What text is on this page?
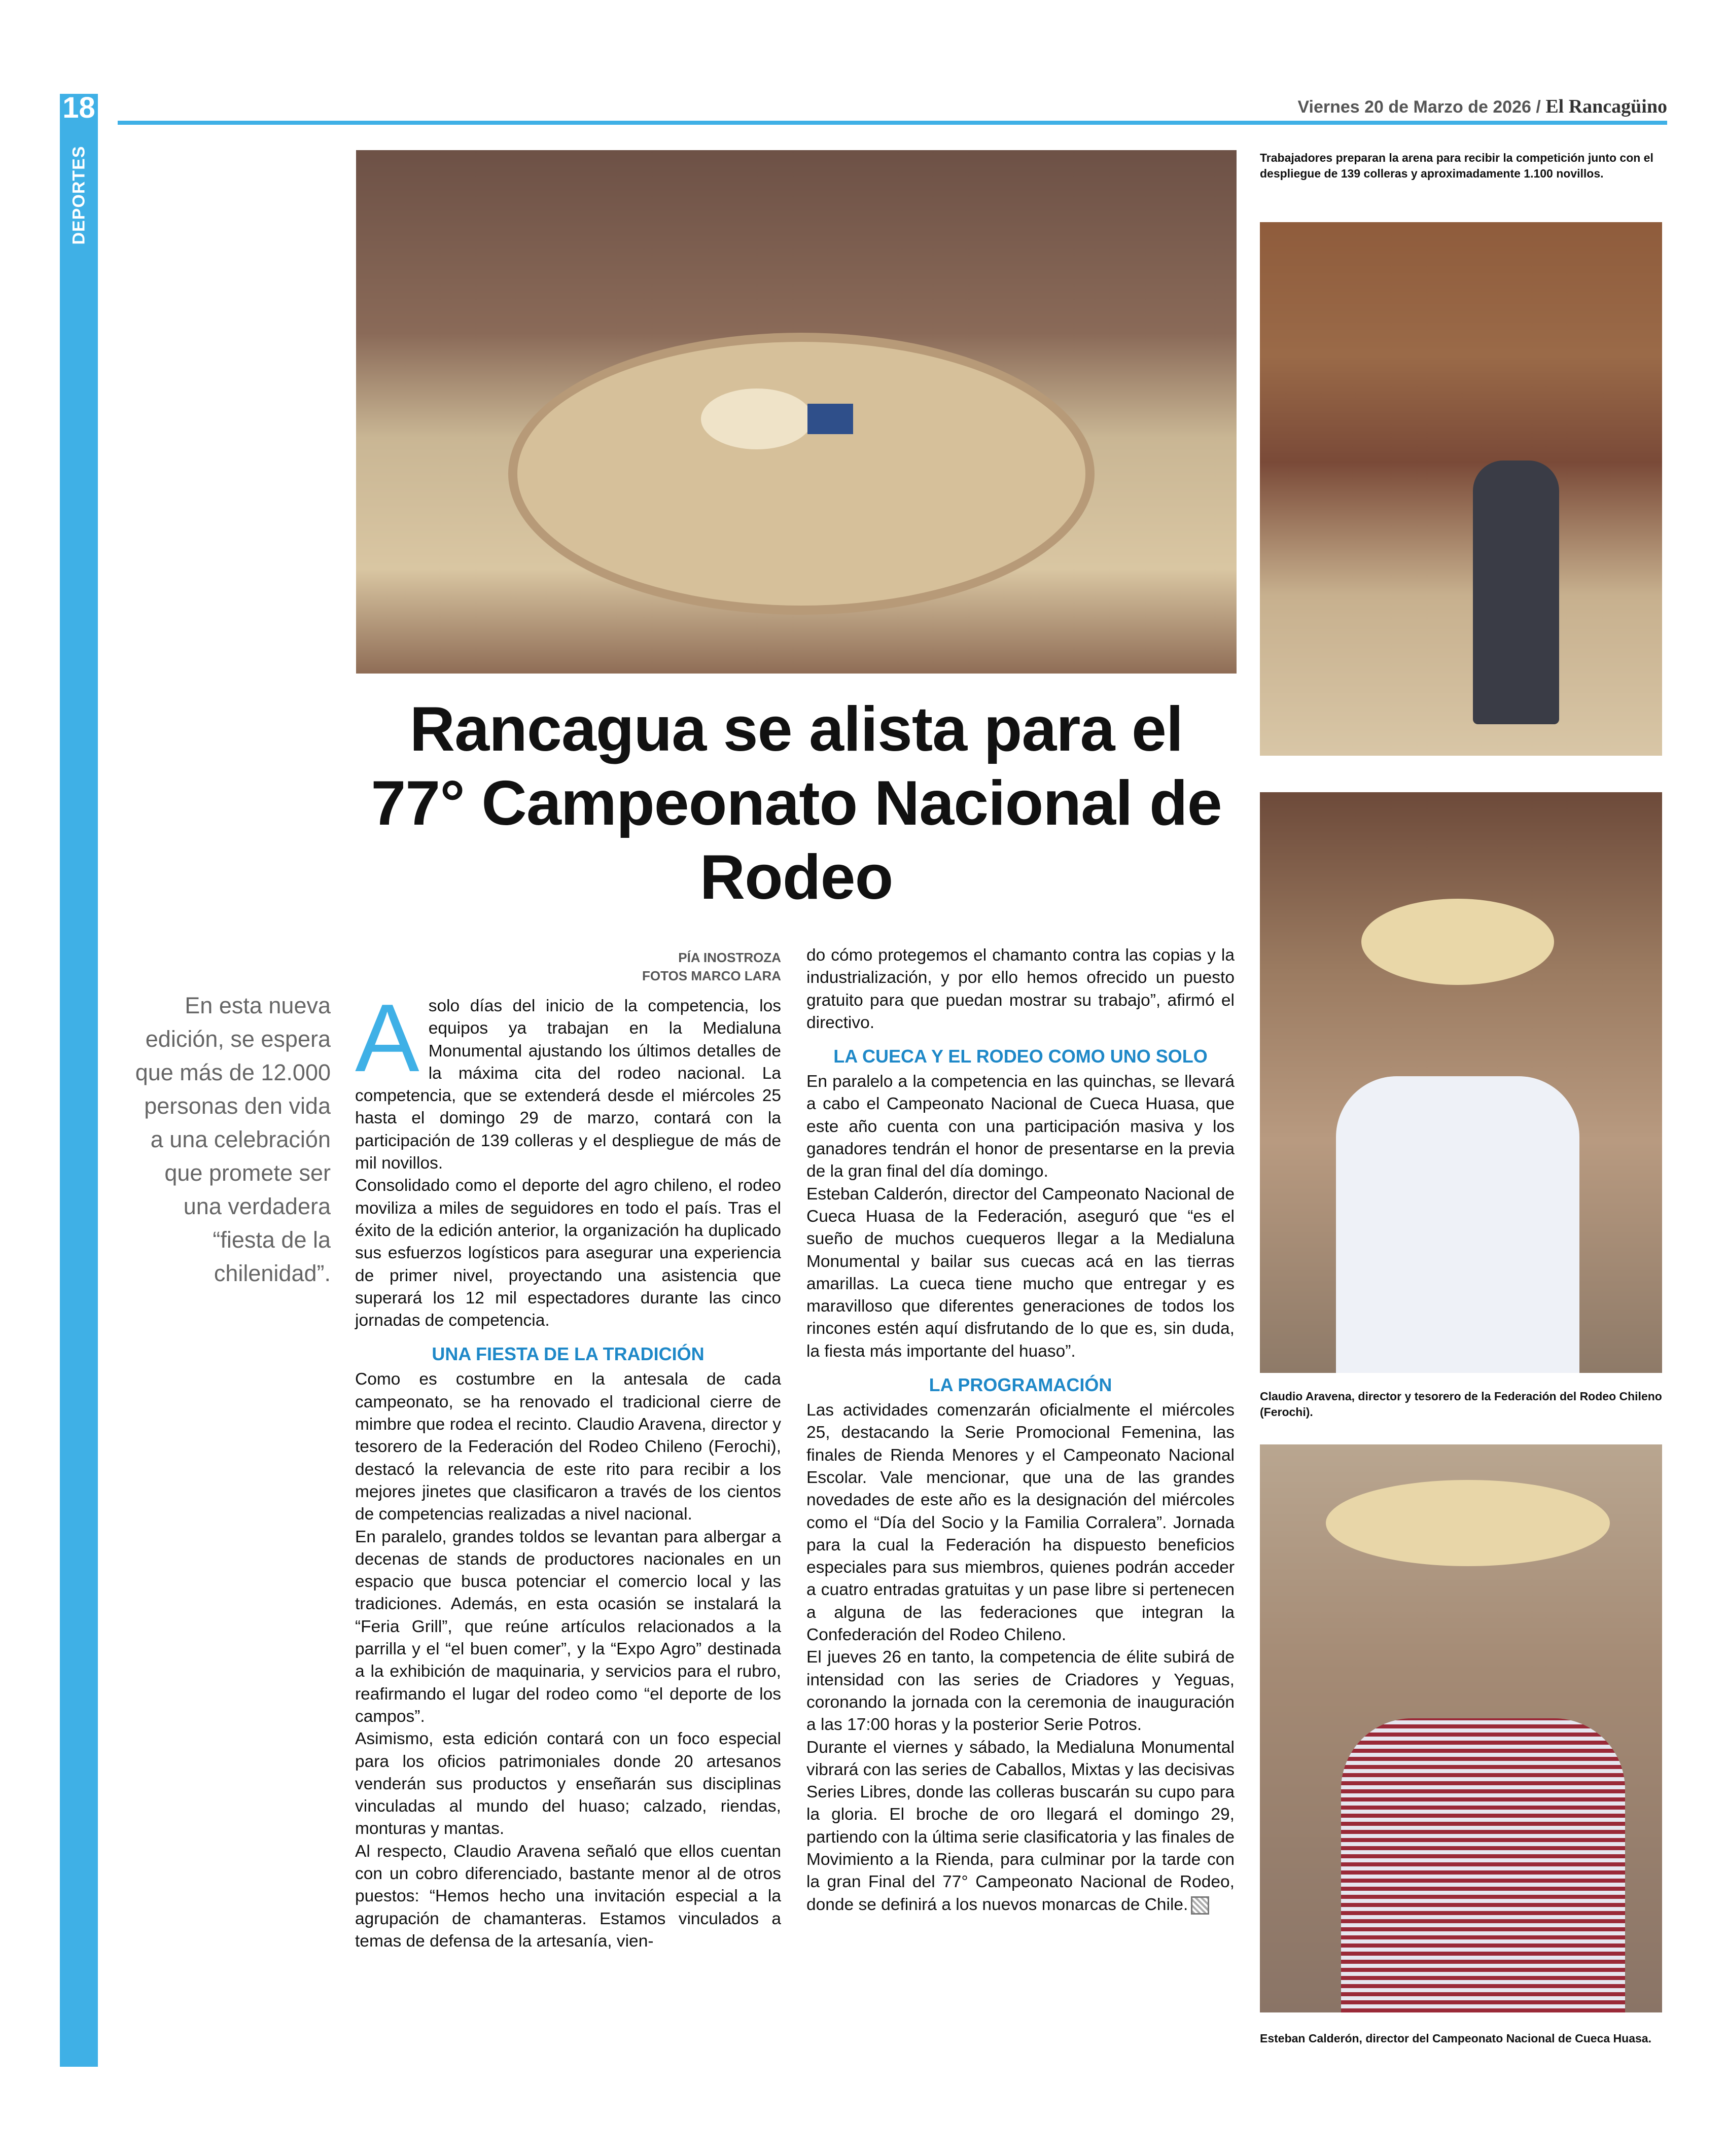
18
DEPORTES
Viernes 20 de Marzo de 2026 / El Rancagüino
Trabajadores preparan la arena para recibir la competición junto con el despliegue de 139 colleras y aproximadamente 1.100 novillos.
Claudio Aravena, director y tesorero de la Federación del Rodeo Chileno (Ferochi).
Esteban Calderón, director del Campeonato Nacional de Cueca Huasa.
Rancagua se alista para el 77° Campeonato Nacional de Rodeo
PÍA INOSTROZA
FOTOS MARCO LARA
En esta nueva edición, se espera que más de 12.000 personas den vida a una celebración que promete ser una verdadera “fiesta de la chilenidad”.

Asolo días del inicio de la competencia, los equipos ya trabajan en la Medialuna Monumental ajustando los últimos detalles de la máxima cita del rodeo nacional. La competencia, que se extenderá desde el miércoles 25 hasta el domingo 29 de marzo, contará con la participación de 139 colleras y el despliegue de más de mil novillos.

Consolidado como el deporte del agro chileno, el rodeo moviliza a miles de seguidores en todo el país. Tras el éxito de la edición anterior, la organización ha duplicado sus esfuerzos logísticos para asegurar una experiencia de primer nivel, proyectando una asistencia que superará los 12 mil espectadores durante las cinco jornadas de competencia.

UNA FIESTA DE LA TRADICIÓN

Como es costumbre en la antesala de cada campeonato, se ha renovado el tradicional cierre de mimbre que rodea el recinto. Claudio Aravena, director y tesorero de la Federación del Rodeo Chileno (Ferochi), destacó la relevancia de este rito para recibir a los mejores jinetes que clasificaron a través de los cientos de competencias realizadas a nivel nacional.

En paralelo, grandes toldos se levantan para albergar a decenas de stands de productores nacionales en un espacio que busca potenciar el comercio local y las tradiciones. Además, en esta ocasión se instalará la “Feria Grill”, que reúne artículos relacionados a la parrilla y el “el buen comer”, y la “Expo Agro” destinada a la exhibición de maquinaria, y servicios para el rubro, reafirmando el lugar del rodeo como “el deporte de los campos”.

Asimismo, esta edición contará con un foco especial para los oficios patrimoniales donde 20 artesanos venderán sus productos y enseñarán sus disciplinas vinculadas al mundo del huaso; calzado, riendas, monturas y mantas.

Al respecto, Claudio Aravena señaló que ellos cuentan con un cobro diferenciado, bastante menor al de otros puestos: “Hemos hecho una invitación especial a la agrupación de chamanteras. Estamos vinculados a temas de defensa de la artesanía, vien-

do cómo protegemos el chamanto contra las copias y la industrialización, y por ello hemos ofrecido un puesto gratuito para que puedan mostrar su trabajo”, afirmó el directivo.

LA CUECA Y EL RODEO COMO UNO SOLO

En paralelo a la competencia en las quinchas, se llevará a cabo el Campeonato Nacional de Cueca Huasa, que este año cuenta con una participación masiva y los ganadores tendrán el honor de presentarse en la previa de la gran final del día domingo.

Esteban Calderón, director del Campeonato Nacional de Cueca Huasa de la Federación, aseguró que “es el sueño de muchos cuequeros llegar a la Medialuna Monumental y bailar sus cuecas acá en las tierras amarillas. La cueca tiene mucho que entregar y es maravilloso que diferentes generaciones de todos los rincones estén aquí disfrutando de lo que es, sin duda, la fiesta más importante del huaso”.

LA PROGRAMACIÓN

Las actividades comenzarán oficialmente el miércoles 25, destacando la Serie Promocional Femenina, las finales de Rienda Menores y el Campeonato Nacional Escolar. Vale mencionar, que una de las grandes novedades de este año es la designación del miércoles como el “Día del Socio y la Familia Corralera”. Jornada para la cual la Federación ha dispuesto beneficios especiales para sus miembros, quienes podrán acceder a cuatro entradas gratuitas y un pase libre si pertenecen a alguna de las federaciones que integran la Confederación del Rodeo Chileno.

El jueves 26 en tanto, la competencia de élite subirá de intensidad con las series de Criadores y Yeguas, coronando la jornada con la ceremonia de inauguración a las 17:00 horas y la posterior Serie Potros.

Durante el viernes y sábado, la Medialuna Monumental vibrará con las series de Caballos, Mixtas y las decisivas Series Libres, donde las colleras buscarán su cupo para la gloria. El broche de oro llegará el domingo 29, partiendo con la última serie clasificatoria y las finales de Movimiento a la Rienda, para culminar por la tarde con la gran Final del 77° Campeonato Nacional de Rodeo, donde se definirá a los nuevos monarcas de Chile.
